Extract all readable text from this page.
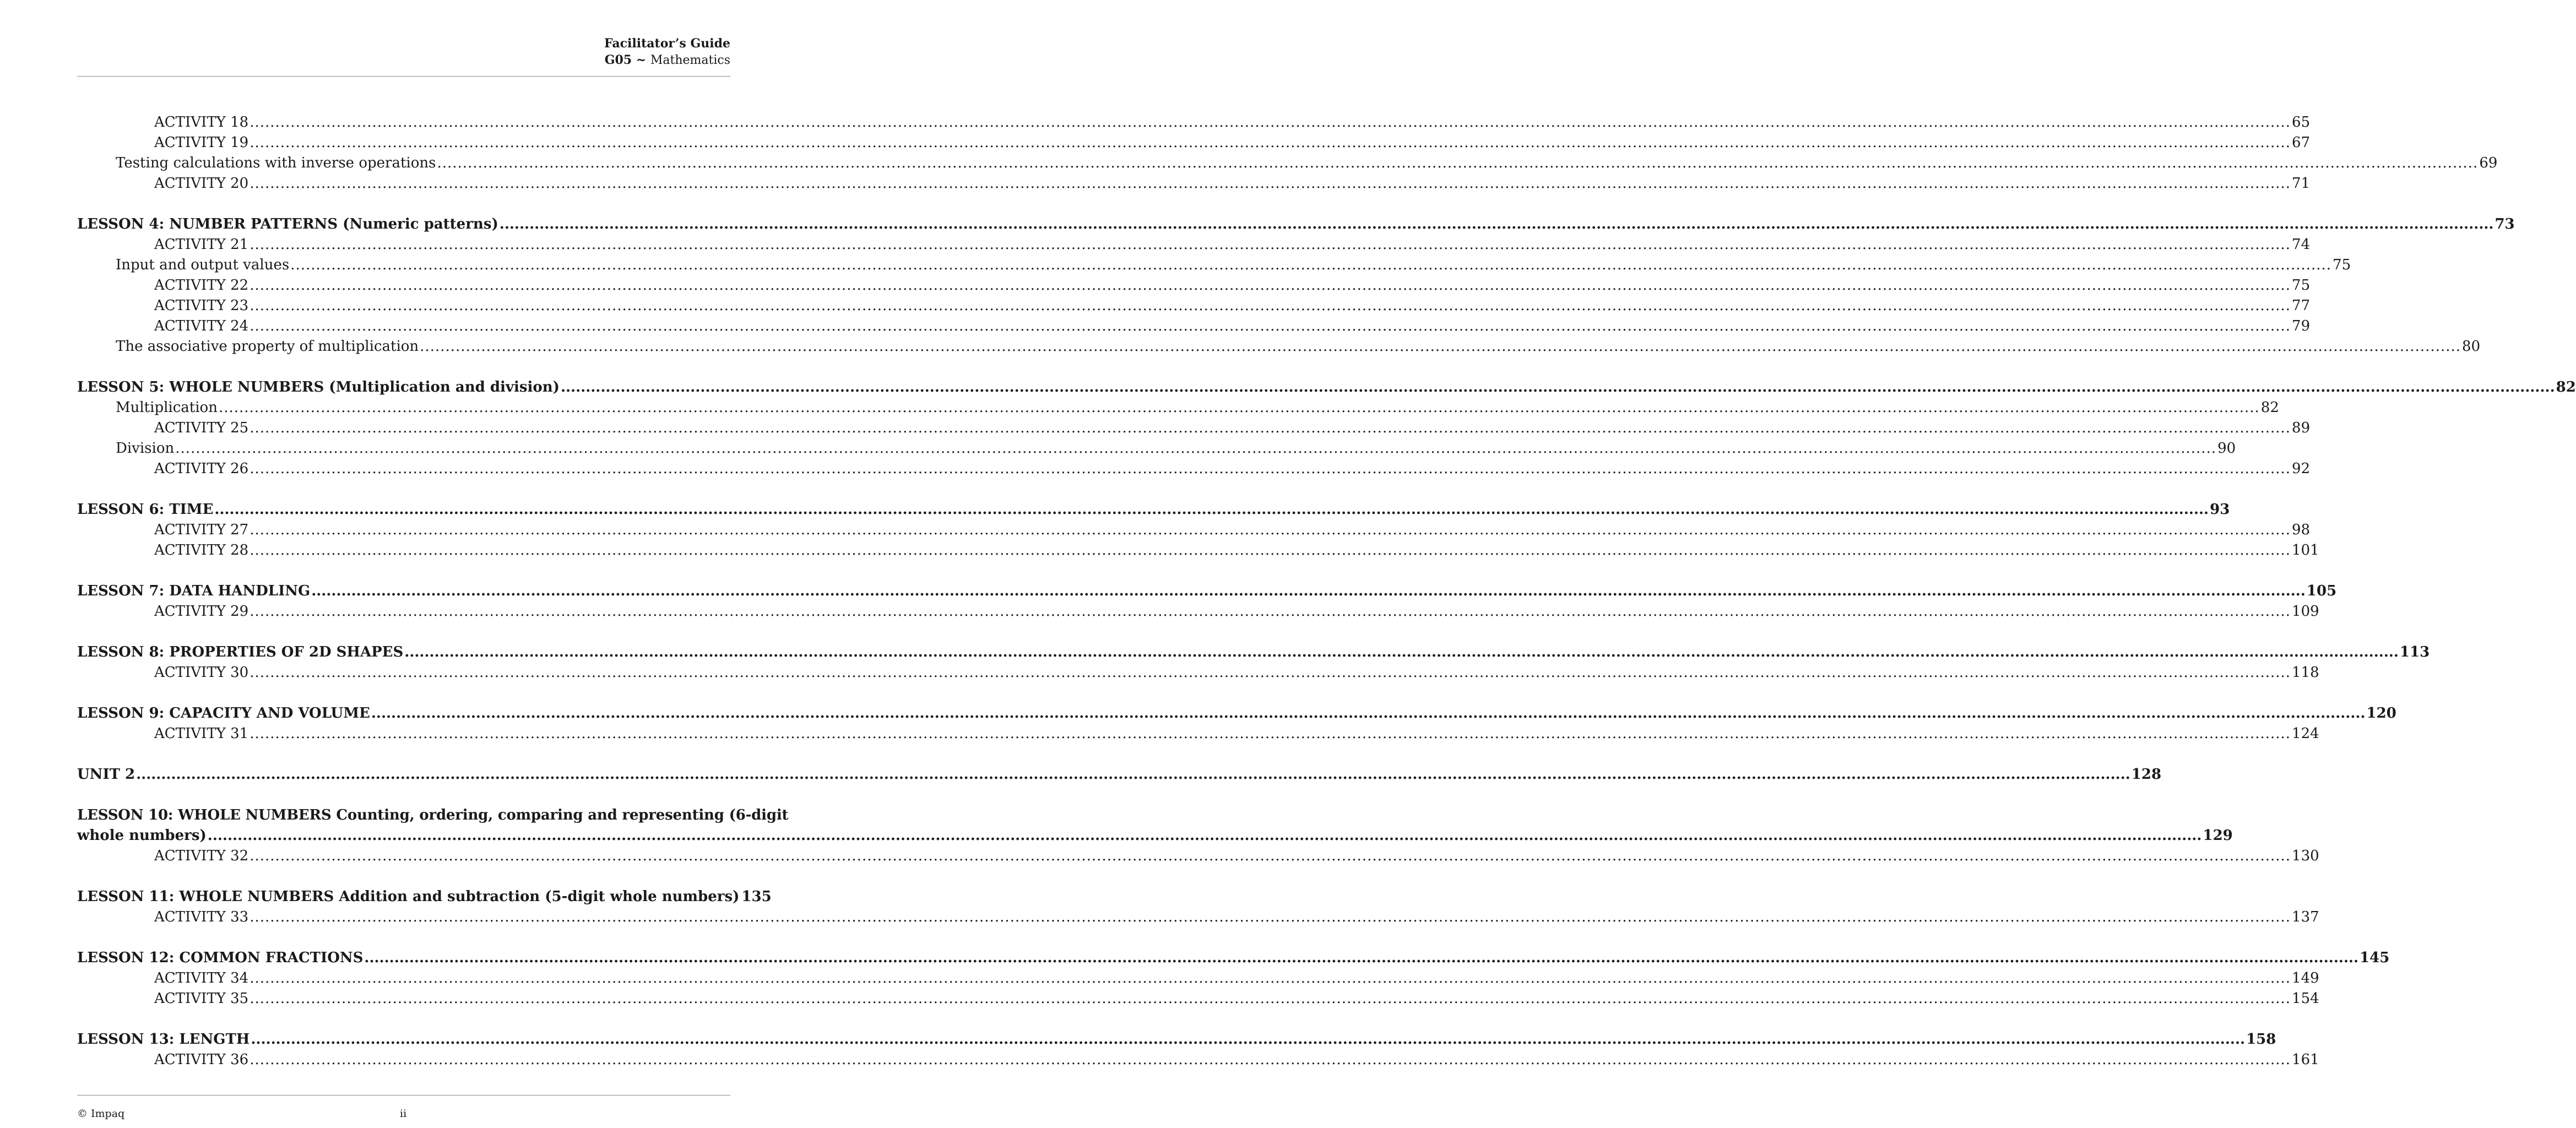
Facilitator’s Guide
G05 ~ Mathematics
ACTIVITY 18 ................................................................................................................................................................................................................................................................................................................................................................................................................ 65
ACTIVITY 19 ................................................................................................................................................................................................................................................................................................................................................................................................................ 67
Testing calculations with inverse operations ................................................................................................................................................................................................................................................................................................................................................................................................................ 69
ACTIVITY 20 ................................................................................................................................................................................................................................................................................................................................................................................................................ 71
LESSON 4: NUMBER PATTERNS (Numeric patterns) ................................................................................................................................................................................................................................................................................................................................................................................................................ 73
ACTIVITY 21 ................................................................................................................................................................................................................................................................................................................................................................................................................ 74
Input and output values ................................................................................................................................................................................................................................................................................................................................................................................................................ 75
ACTIVITY 22 ................................................................................................................................................................................................................................................................................................................................................................................................................ 75
ACTIVITY 23 ................................................................................................................................................................................................................................................................................................................................................................................................................ 77
ACTIVITY 24 ................................................................................................................................................................................................................................................................................................................................................................................................................ 79
The associative property of multiplication ................................................................................................................................................................................................................................................................................................................................................................................................................ 80
LESSON 5: WHOLE NUMBERS (Multiplication and division) ................................................................................................................................................................................................................................................................................................................................................................................................................ 82
Multiplication ................................................................................................................................................................................................................................................................................................................................................................................................................ 82
ACTIVITY 25 ................................................................................................................................................................................................................................................................................................................................................................................................................ 89
Division ................................................................................................................................................................................................................................................................................................................................................................................................................ 90
ACTIVITY 26 ................................................................................................................................................................................................................................................................................................................................................................................................................ 92
LESSON 6: TIME ................................................................................................................................................................................................................................................................................................................................................................................................................ 93
ACTIVITY 27 ................................................................................................................................................................................................................................................................................................................................................................................................................ 98
ACTIVITY 28 ................................................................................................................................................................................................................................................................................................................................................................................................................ 101
LESSON 7: DATA HANDLING ................................................................................................................................................................................................................................................................................................................................................................................................................ 105
ACTIVITY 29 ................................................................................................................................................................................................................................................................................................................................................................................................................ 109
LESSON 8: PROPERTIES OF 2D SHAPES ................................................................................................................................................................................................................................................................................................................................................................................................................ 113
ACTIVITY 30 ................................................................................................................................................................................................................................................................................................................................................................................................................ 118
LESSON 9: CAPACITY AND VOLUME ................................................................................................................................................................................................................................................................................................................................................................................................................ 120
ACTIVITY 31 ................................................................................................................................................................................................................................................................................................................................................................................................................ 124
UNIT 2 ................................................................................................................................................................................................................................................................................................................................................................................................................ 128
LESSON 10: WHOLE NUMBERS Counting, ordering, comparing and representing (6-digit
whole numbers) ................................................................................................................................................................................................................................................................................................................................................................................................................ 129
ACTIVITY 32 ................................................................................................................................................................................................................................................................................................................................................................................................................ 130
LESSON 11: WHOLE NUMBERS Addition and subtraction (5-digit whole numbers) 135
ACTIVITY 33 ................................................................................................................................................................................................................................................................................................................................................................................................................ 137
LESSON 12: COMMON FRACTIONS ................................................................................................................................................................................................................................................................................................................................................................................................................ 145
ACTIVITY 34 ................................................................................................................................................................................................................................................................................................................................................................................................................ 149
ACTIVITY 35 ................................................................................................................................................................................................................................................................................................................................................................................................................ 154
LESSON 13: LENGTH ................................................................................................................................................................................................................................................................................................................................................................................................................ 158
ACTIVITY 36 ................................................................................................................................................................................................................................................................................................................................................................................................................ 161
© Impaq	ii
